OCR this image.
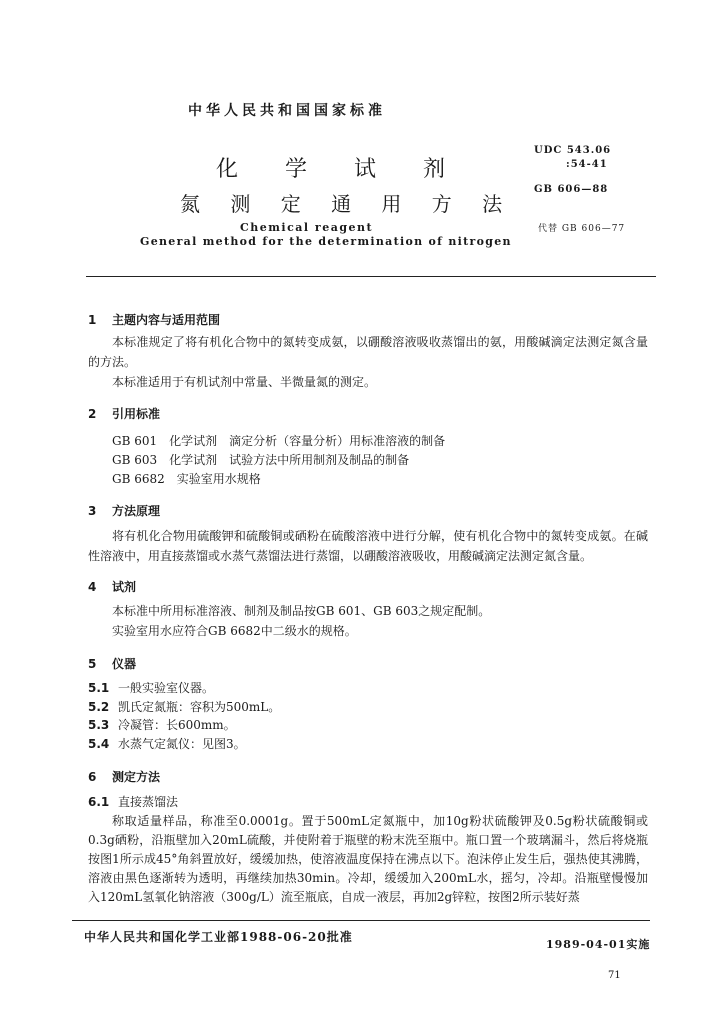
中华人民共和国国家标准
化 学 试 剂
氮 测 定 通 用 方 法
Chemical reagent
General method for the determination of nitrogen
UDC 543.06
:54-41
GB 606—88
代替 GB 606—77
1 主题内容与适用范围
本标准规定了将有机化合物中的氮转变成氨，以硼酸溶液吸收蒸馏出的氨，用酸碱滴定法测定氮含量的方法。
本标准适用于有机试剂中常量、半微量氮的测定。
2 引用标准
GB 601　化学试剂　滴定分析（容量分析）用标准溶液的制备
GB 603　化学试剂　试验方法中所用制剂及制品的制备
GB 6682　实验室用水规格
3 方法原理
将有机化合物用硫酸钾和硫酸铜或硒粉在硫酸溶液中进行分解，使有机化合物中的氮转变成氨。在碱性溶液中，用直接蒸馏或水蒸气蒸馏法进行蒸馏，以硼酸溶液吸收，用酸碱滴定法测定氮含量。
4 试剂
本标准中所用标准溶液、制剂及制品按GB 601、GB 603之规定配制。
实验室用水应符合GB 6682中二级水的规格。
5 仪器
5.1 一般实验室仪器。
5.2 凯氏定氮瓶：容积为500mL。
5.3 冷凝管：长600mm。
5.4 水蒸气定氮仪：见图3。
6 测定方法
6.1 直接蒸馏法
称取适量样品，称准至0.0001g。置于500mL定氮瓶中，加10g粉状硫酸钾及0.5g粉状硫酸铜或0.3g硒粉，沿瓶壁加入20mL硫酸，并使附着于瓶壁的粉末洗至瓶中。瓶口置一个玻璃漏斗，然后将烧瓶按图1所示成45°角斜置放好，缓缓加热，使溶液温度保持在沸点以下。泡沫停止发生后，强热使其沸腾，溶液由黑色逐渐转为透明，再继续加热30min。冷却，缓缓加入200mL水，摇匀，冷却。沿瓶壁慢慢加入120mL氢氧化钠溶液（300g/L）流至瓶底，自成一液层，再加2g锌粒，按图2所示装好蒸
中华人民共和国化学工业部1988-06-20批准
1989-04-01实施
71
